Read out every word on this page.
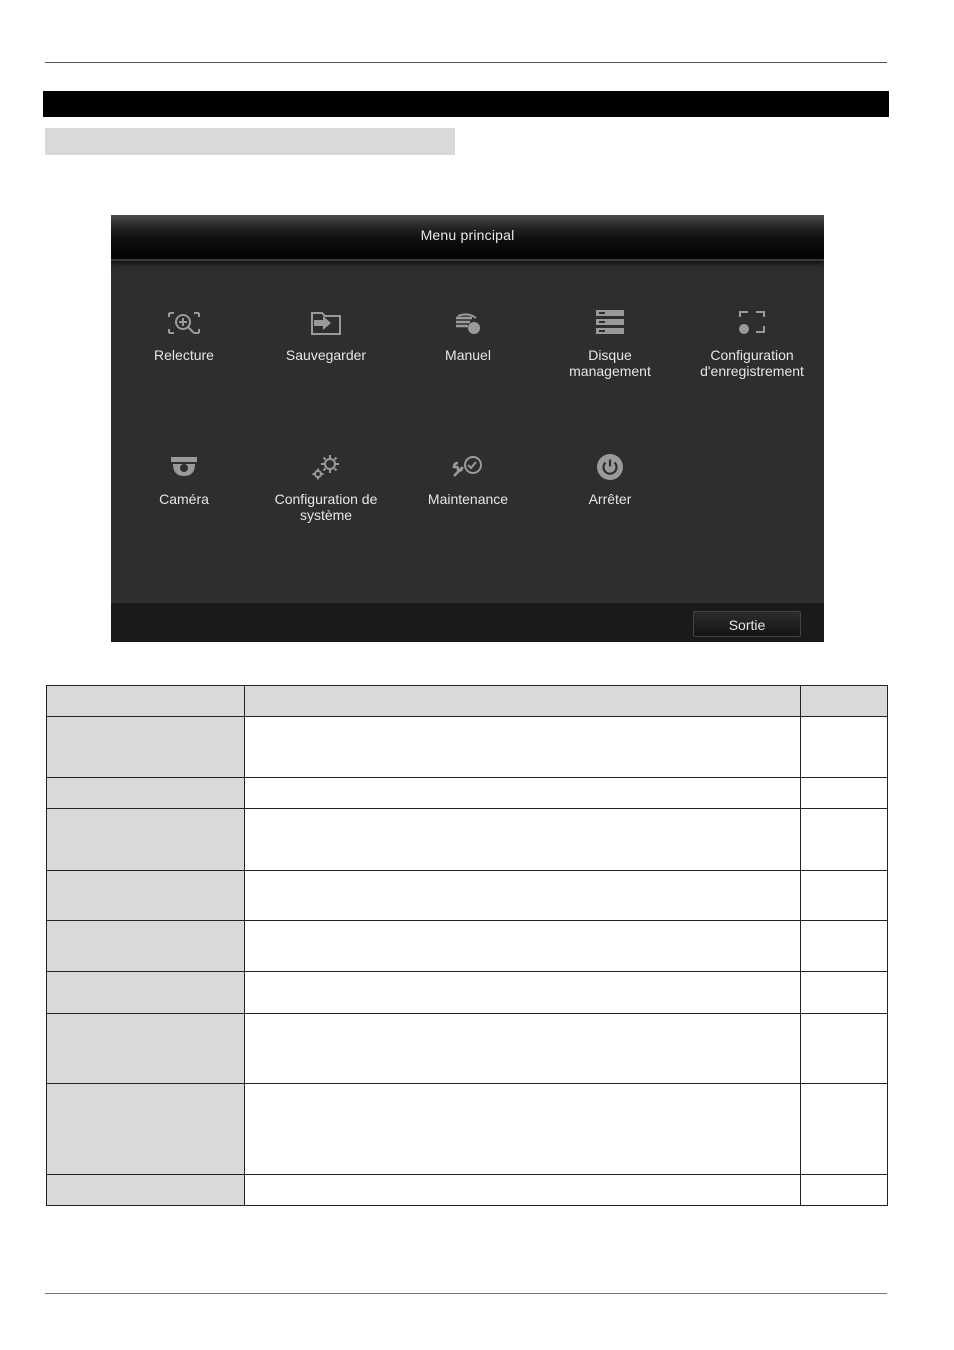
Menu principal
Relecture	Sauvegarder	Manuel	Disque
management
Configuration
d'enregistrement
Caméra	Configuration de
système
Maintenance	Arrêter
Sortie
